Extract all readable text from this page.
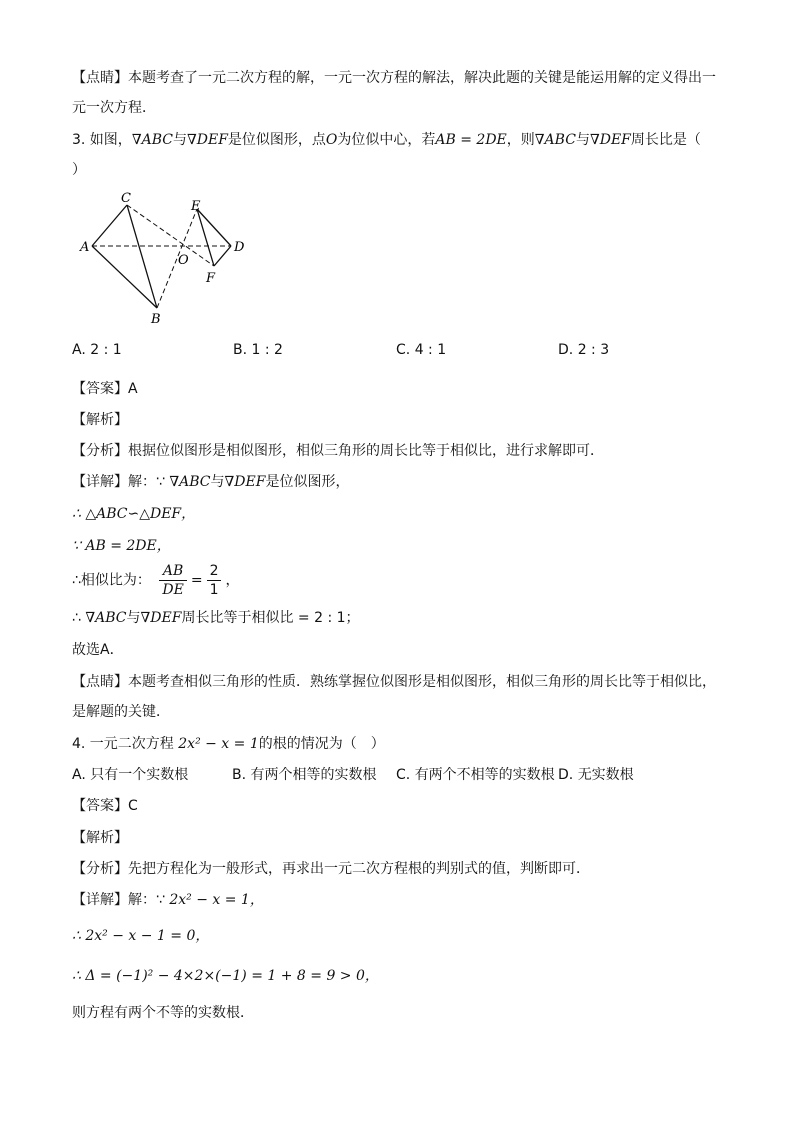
【点睛】本题考查了一元二次方程的解，一元一次方程的解法，解决此题的关键是能运用解的定义得出一
元一次方程．
3. 如图，∇ABC与∇DEF是位似图形，点O为位似中心，若AB = 2DE，则∇ABC与∇DEF周长比是（
）
A
C
B
E
D
F
O
A. 2 : 1	B. 1 : 2	C. 4 : 1	D. 2 : 3
【答案】A
【解析】
【分析】根据位似图形是相似图形，相似三角形的周长比等于相似比，进行求解即可．
【详解】解：∵ ∇ABC与∇DEF是位似图形，
∴ △ABC∽△DEF，
∵ AB = 2DE，
∴相似比为： $\frac{AB}{DE} = \frac{2}{1}$ ，
∴ ∇ABC与∇DEF周长比等于相似比 = 2 : 1；
故选A．
【点睛】本题考查相似三角形的性质．熟练掌握位似图形是相似图形，相似三角形的周长比等于相似比，
是解题的关键．
4. 一元二次方程 2x² − x = 1的根的情况为（　）
A. 只有一个实数根	B. 有两个相等的实数根 C. 有两个不相等的实数根 D. 无实数根
【答案】C
【解析】
【分析】先把方程化为一般形式，再求出一元二次方程根的判别式的值，判断即可．
【详解】解：∵ 2x² − x = 1，
∴ 2x² − x − 1 = 0，
∴ Δ = (−1)² − 4×2×(−1) = 1 + 8 = 9 > 0，
则方程有两个不等的实数根．
